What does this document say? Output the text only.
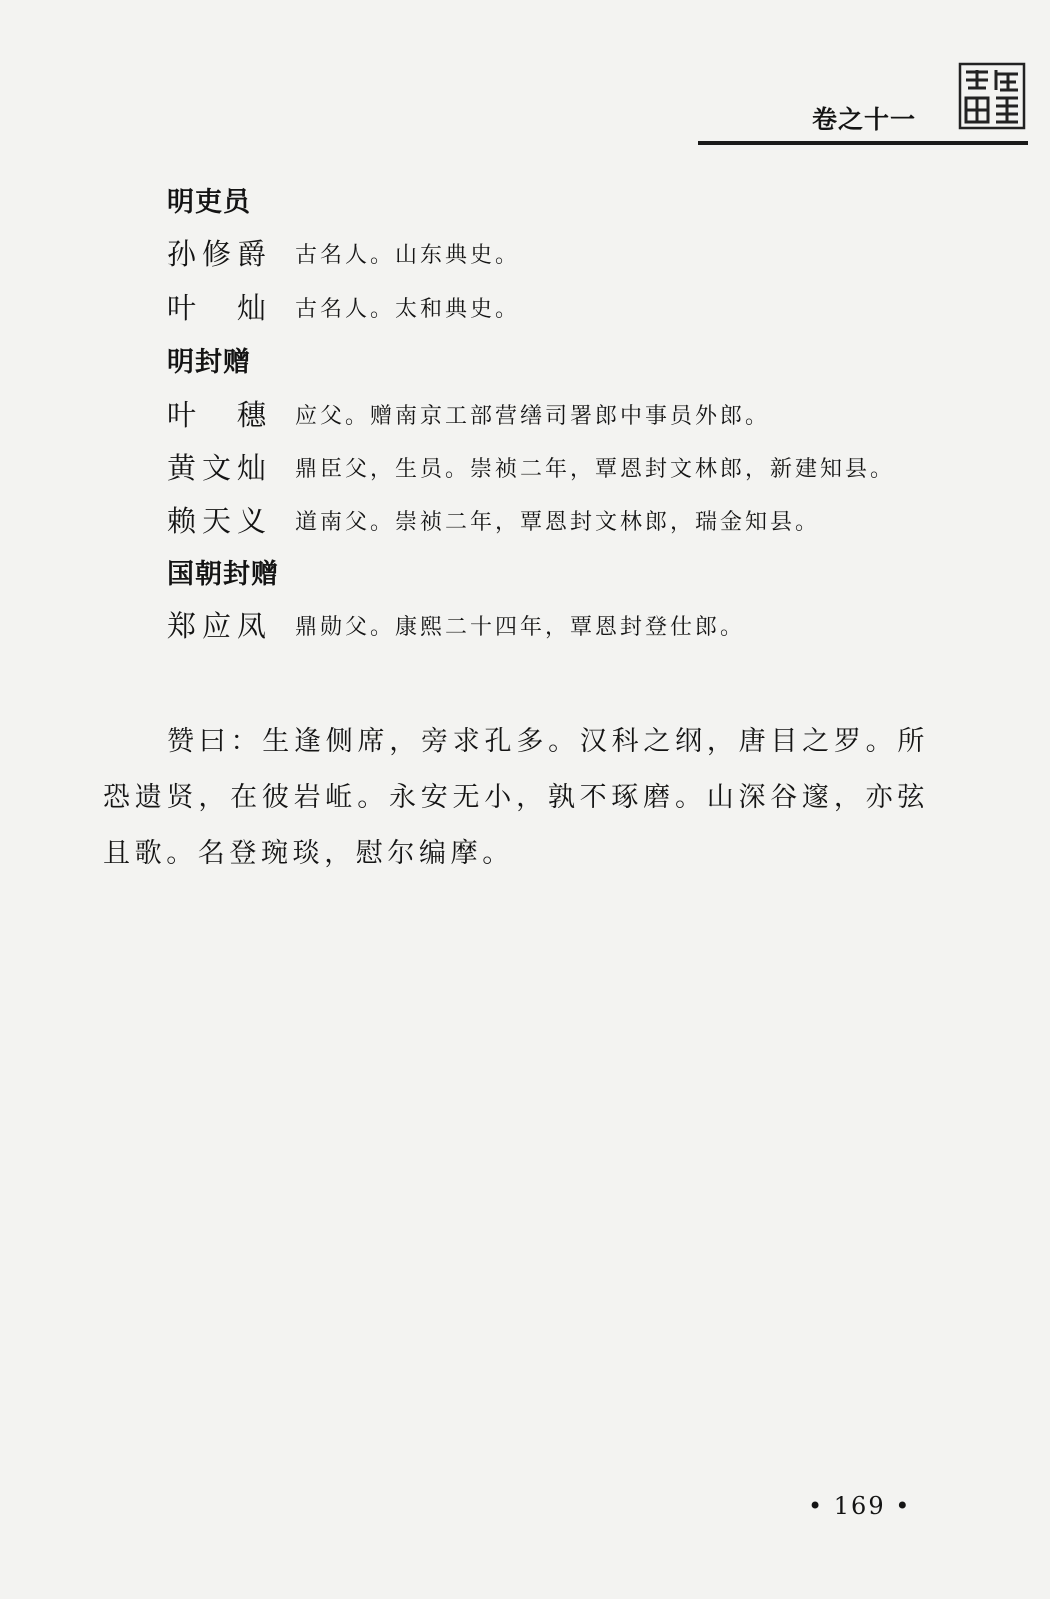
卷之十一
明吏员
孙 修 爵 古名人。山东典史。
叶 灿 古名人。太和典史。
明封赠
叶 穗 应父。赠南京工部营缮司署郎中事员外郎。
黄 文 灿 鼎臣父，生员。崇祯二年，覃恩封文林郎，新建知县。
赖 天 义 道南父。崇祯二年，覃恩封文林郎，瑞金知县。
国朝封赠
郑 应 凤 鼎勋父。康熙二十四年，覃恩封登仕郎。
赞曰：生逢侧席，旁求孔多。汉科之纲，唐目之罗。所恐遗贤，在彼岩岴。永安无小，孰不琢磨。山深谷邃，亦弦且歌。名登琬琰，慰尔编摩。
• 169 •
